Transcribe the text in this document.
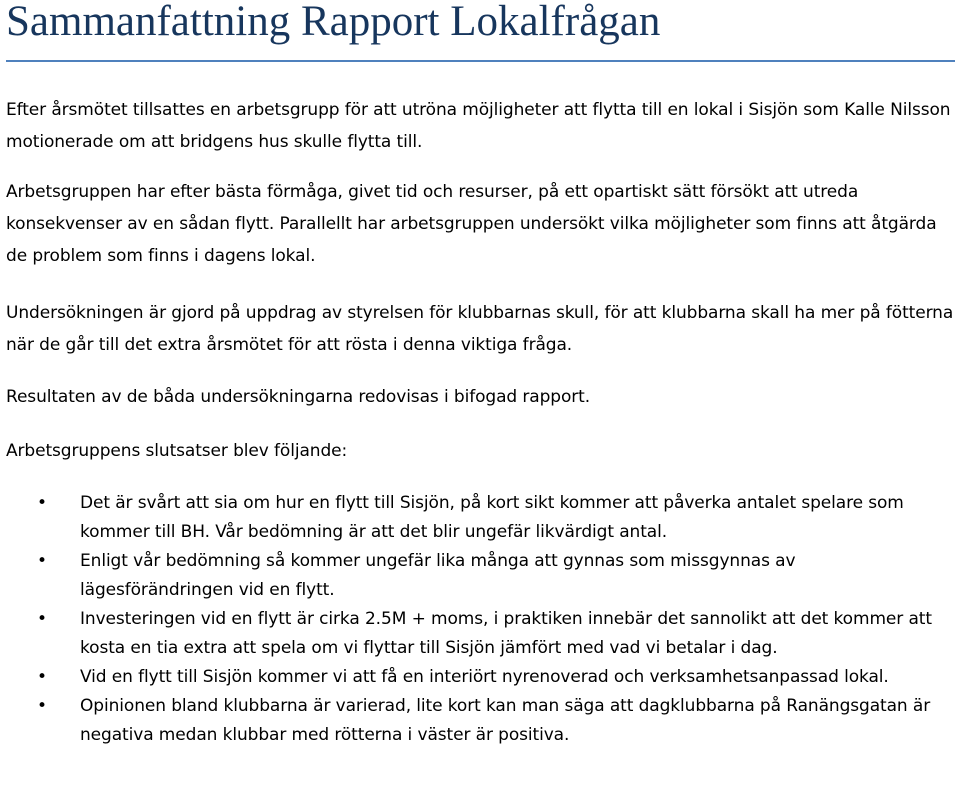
Sammanfattning Rapport Lokalfrågan

Efter årsmötet tillsattes en arbetsgrupp för att utröna möjligheter att flytta till en lokal i Sisjön som Kalle Nilsson motionerade om att bridgens hus skulle flytta till.

Arbetsgruppen har efter bästa förmåga, givet tid och resurser, på ett opartiskt sätt försökt att utreda konsekvenser av en sådan flytt. Parallellt har arbetsgruppen undersökt vilka möjligheter som finns att åtgärda de problem som finns i dagens lokal.

Undersökningen är gjord på uppdrag av styrelsen för klubbarnas skull, för att klubbarna skall ha mer på fötterna när de går till det extra årsmötet för att rösta i denna viktiga fråga.

Resultaten av de båda undersökningarna redovisas i bifogad rapport.

Arbetsgruppens slutsatser blev följande:

• Det är svårt att sia om hur en flytt till Sisjön, på kort sikt kommer att påverka antalet spelare som kommer till BH. Vår bedömning är att det blir ungefär likvärdigt antal.
• Enligt vår bedömning så kommer ungefär lika många att gynnas som missgynnas av lägesförändringen vid en flytt.
• Investeringen vid en flytt är cirka 2.5M + moms, i praktiken innebär det sannolikt att det kommer att kosta en tia extra att spela om vi flyttar till Sisjön jämfört med vad vi betalar i dag.
• Vid en flytt till Sisjön kommer vi att få en interiört nyrenoverad och verksamhetsanpassad lokal.
• Opinionen bland klubbarna är varierad, lite kort kan man säga att dagklubbarna på Ranängsgatan är negativa medan klubbar med rötterna i väster är positiva.
